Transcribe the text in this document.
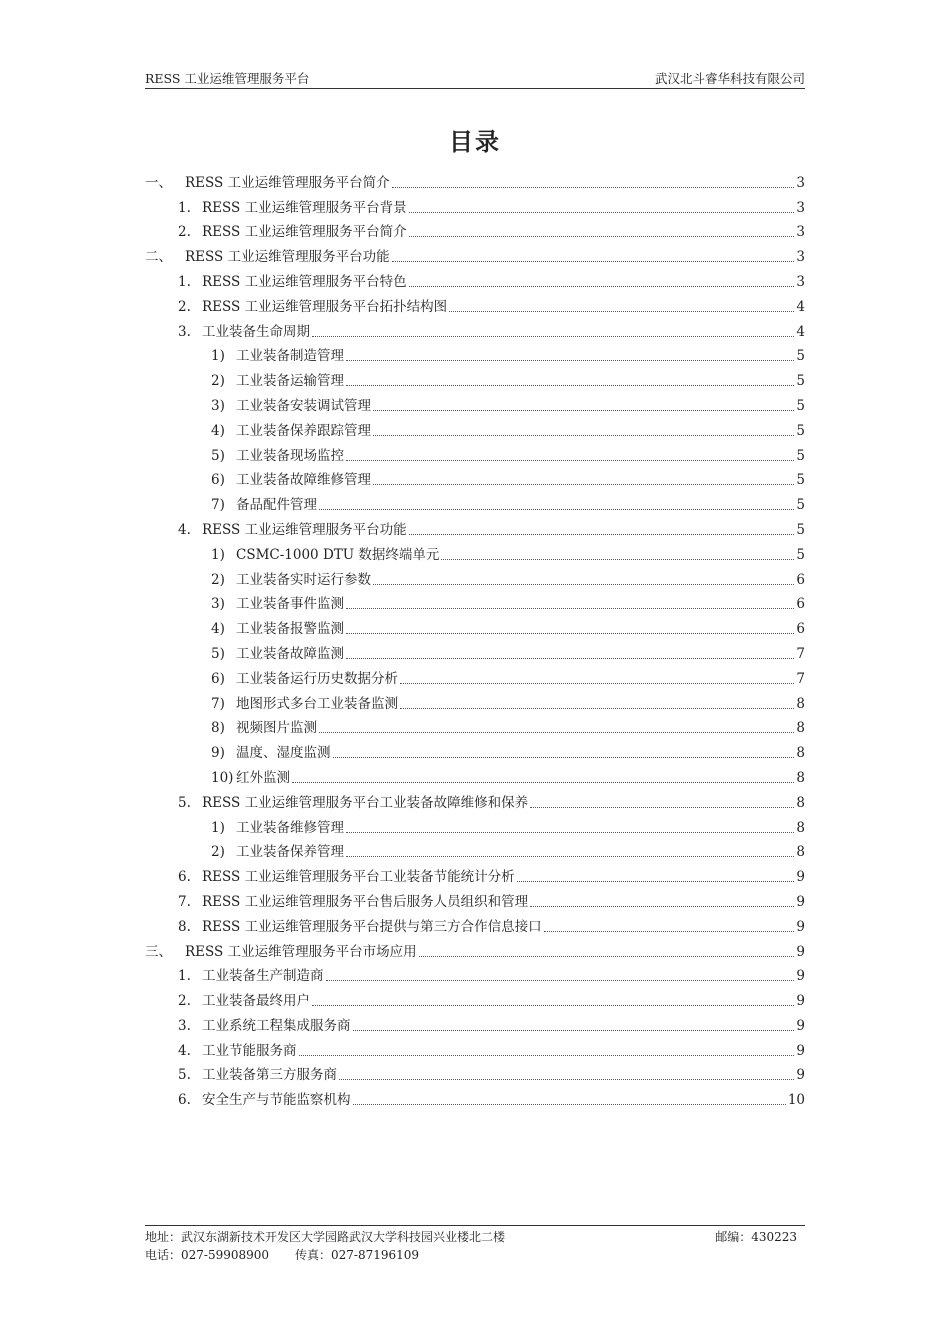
RESS 工业运维管理服务平台	武汉北斗睿华科技有限公司
目录
一、 RESS 工业运维管理服务平台简介	3
1. RESS 工业运维管理服务平台背景	3
2. RESS 工业运维管理服务平台简介	3
二、 RESS 工业运维管理服务平台功能	3
1. RESS 工业运维管理服务平台特色	3
2. RESS 工业运维管理服务平台拓扑结构图	4
3. 工业装备生命周期	4
1) 工业装备制造管理	5
2) 工业装备运输管理	5
3) 工业装备安装调试管理	5
4) 工业装备保养跟踪管理	5
5) 工业装备现场监控	5
6) 工业装备故障维修管理	5
7) 备品配件管理	5
4. RESS 工业运维管理服务平台功能	5
1) CSMC-1000 DTU 数据终端单元	5
2) 工业装备实时运行参数	6
3) 工业装备事件监测	6
4) 工业装备报警监测	6
5) 工业装备故障监测	7
6) 工业装备运行历史数据分析	7
7) 地图形式多台工业装备监测	8
8) 视频图片监测	8
9) 温度、湿度监测	8
10) 红外监测	8
5. RESS 工业运维管理服务平台工业装备故障维修和保养	8
1) 工业装备维修管理	8
2) 工业装备保养管理	8
6. RESS 工业运维管理服务平台工业装备节能统计分析	9
7. RESS 工业运维管理服务平台售后服务人员组织和管理	9
8. RESS 工业运维管理服务平台提供与第三方合作信息接口	9
三、 RESS 工业运维管理服务平台市场应用	9
1. 工业装备生产制造商	9
2. 工业装备最终用户	9
3. 工业系统工程集成服务商	9
4. 工业节能服务商	9
5. 工业装备第三方服务商	9
6. 安全生产与节能监察机构	10
地址：武汉东湖新技术开发区大学园路武汉大学科技园兴业楼北二楼	邮编：430223
电话：027-59908900 传真：027-87196109
